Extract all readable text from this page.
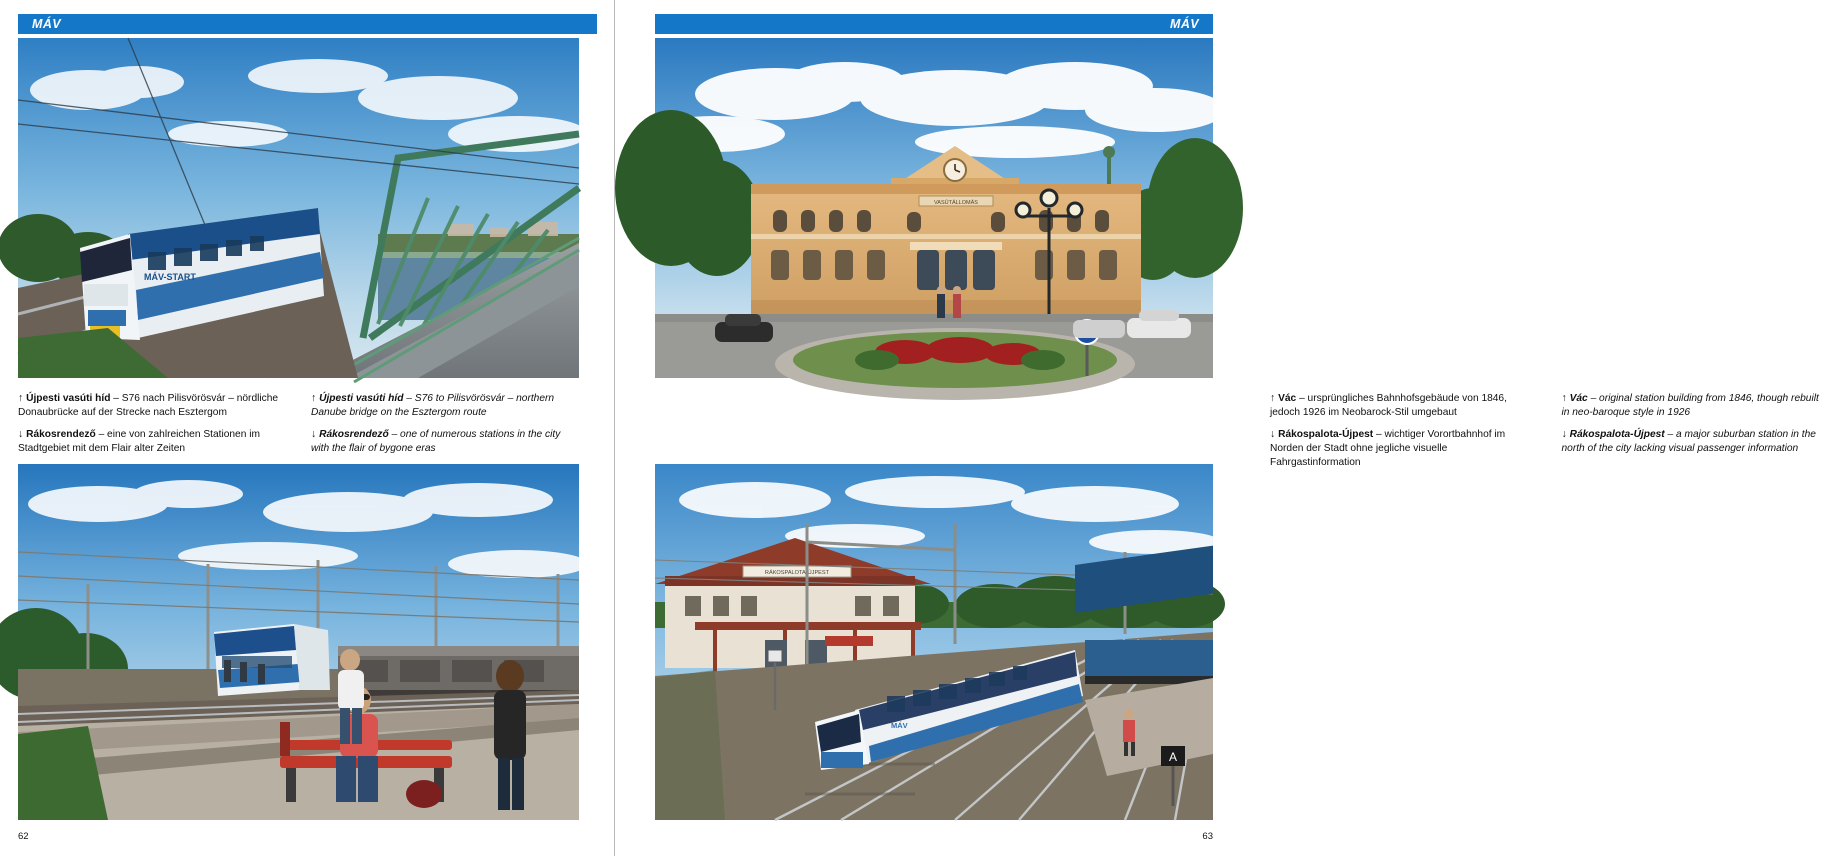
MÁV
MÁV-START
415 029
↑ Újpesti vasúti híd – S76 nach Pilisvörösvár – nördliche Donaubrücke auf der Strecke nach Esztergom
↓ Rákosrendező – eine von zahlreichen Stationen im Stadtgebiet mit dem Flair alter Zeiten
↑ Újpesti vasúti híd – S76 to Pilisvörösvár – northern Danube bridge on the Esztergom route
↓ Rákosrendező – one of numerous stations in the city with the flair of bygone eras
62
MÁV
VASÚTÁLLOMÁS
↑ Vác – ursprüngliches Bahnhofsgebäude von 1846, jedoch 1926 im Neobarock-Stil umgebaut
↓ Rákospalota-Újpest – wichtiger Vorortbahnhof im Norden der Stadt ohne jegliche visuelle Fahrgastinformation
↑ Vác – original station building from 1846, though rebuilt in neo-baroque style in 1926
↓ Rákospalota-Újpest – a major suburban station in the north of the city lacking visual passenger information
RÁKOSPALOTA-ÚJPEST
MÁV
A
63
